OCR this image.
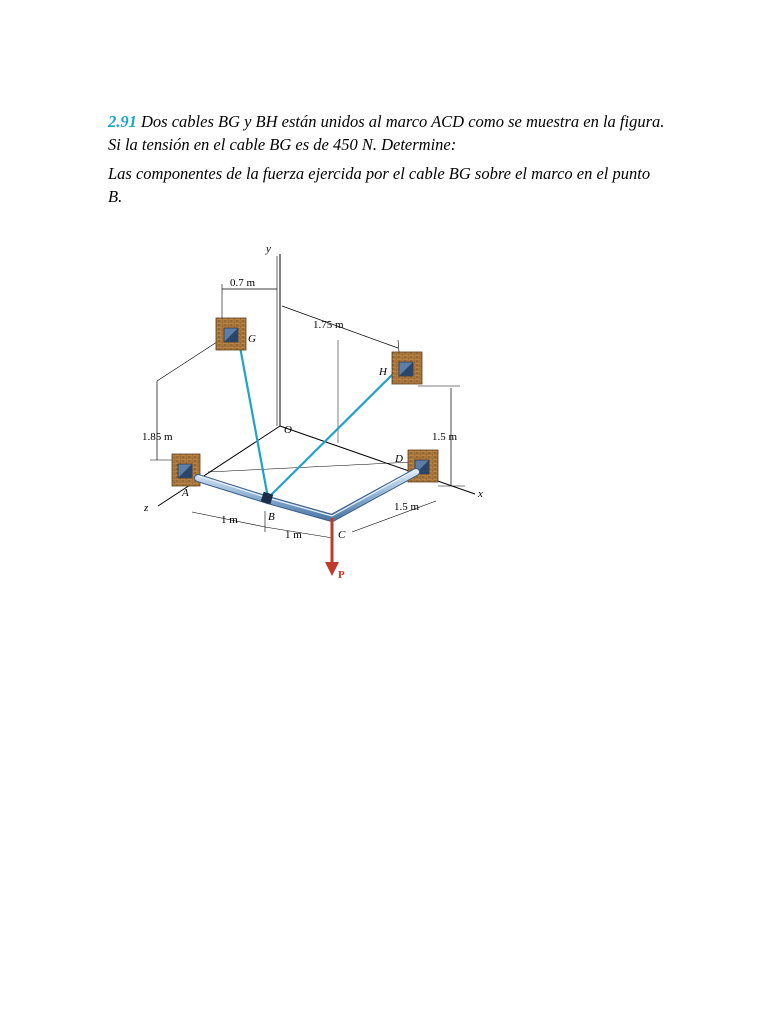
2.91 Dos cables BG y BH están unidos al marco ACD como se muestra en la figura. Si la tensión en el cable BG es de 450 N. Determine:

Las componentes de la fuerza ejercida por el cable BG sobre el marco en el punto B.

0.7 m
1.75 m
1.85 m	1.5 m
1 m
1 m
1.5 m
y
x
z
O
G
H
A
B
C
D
P
